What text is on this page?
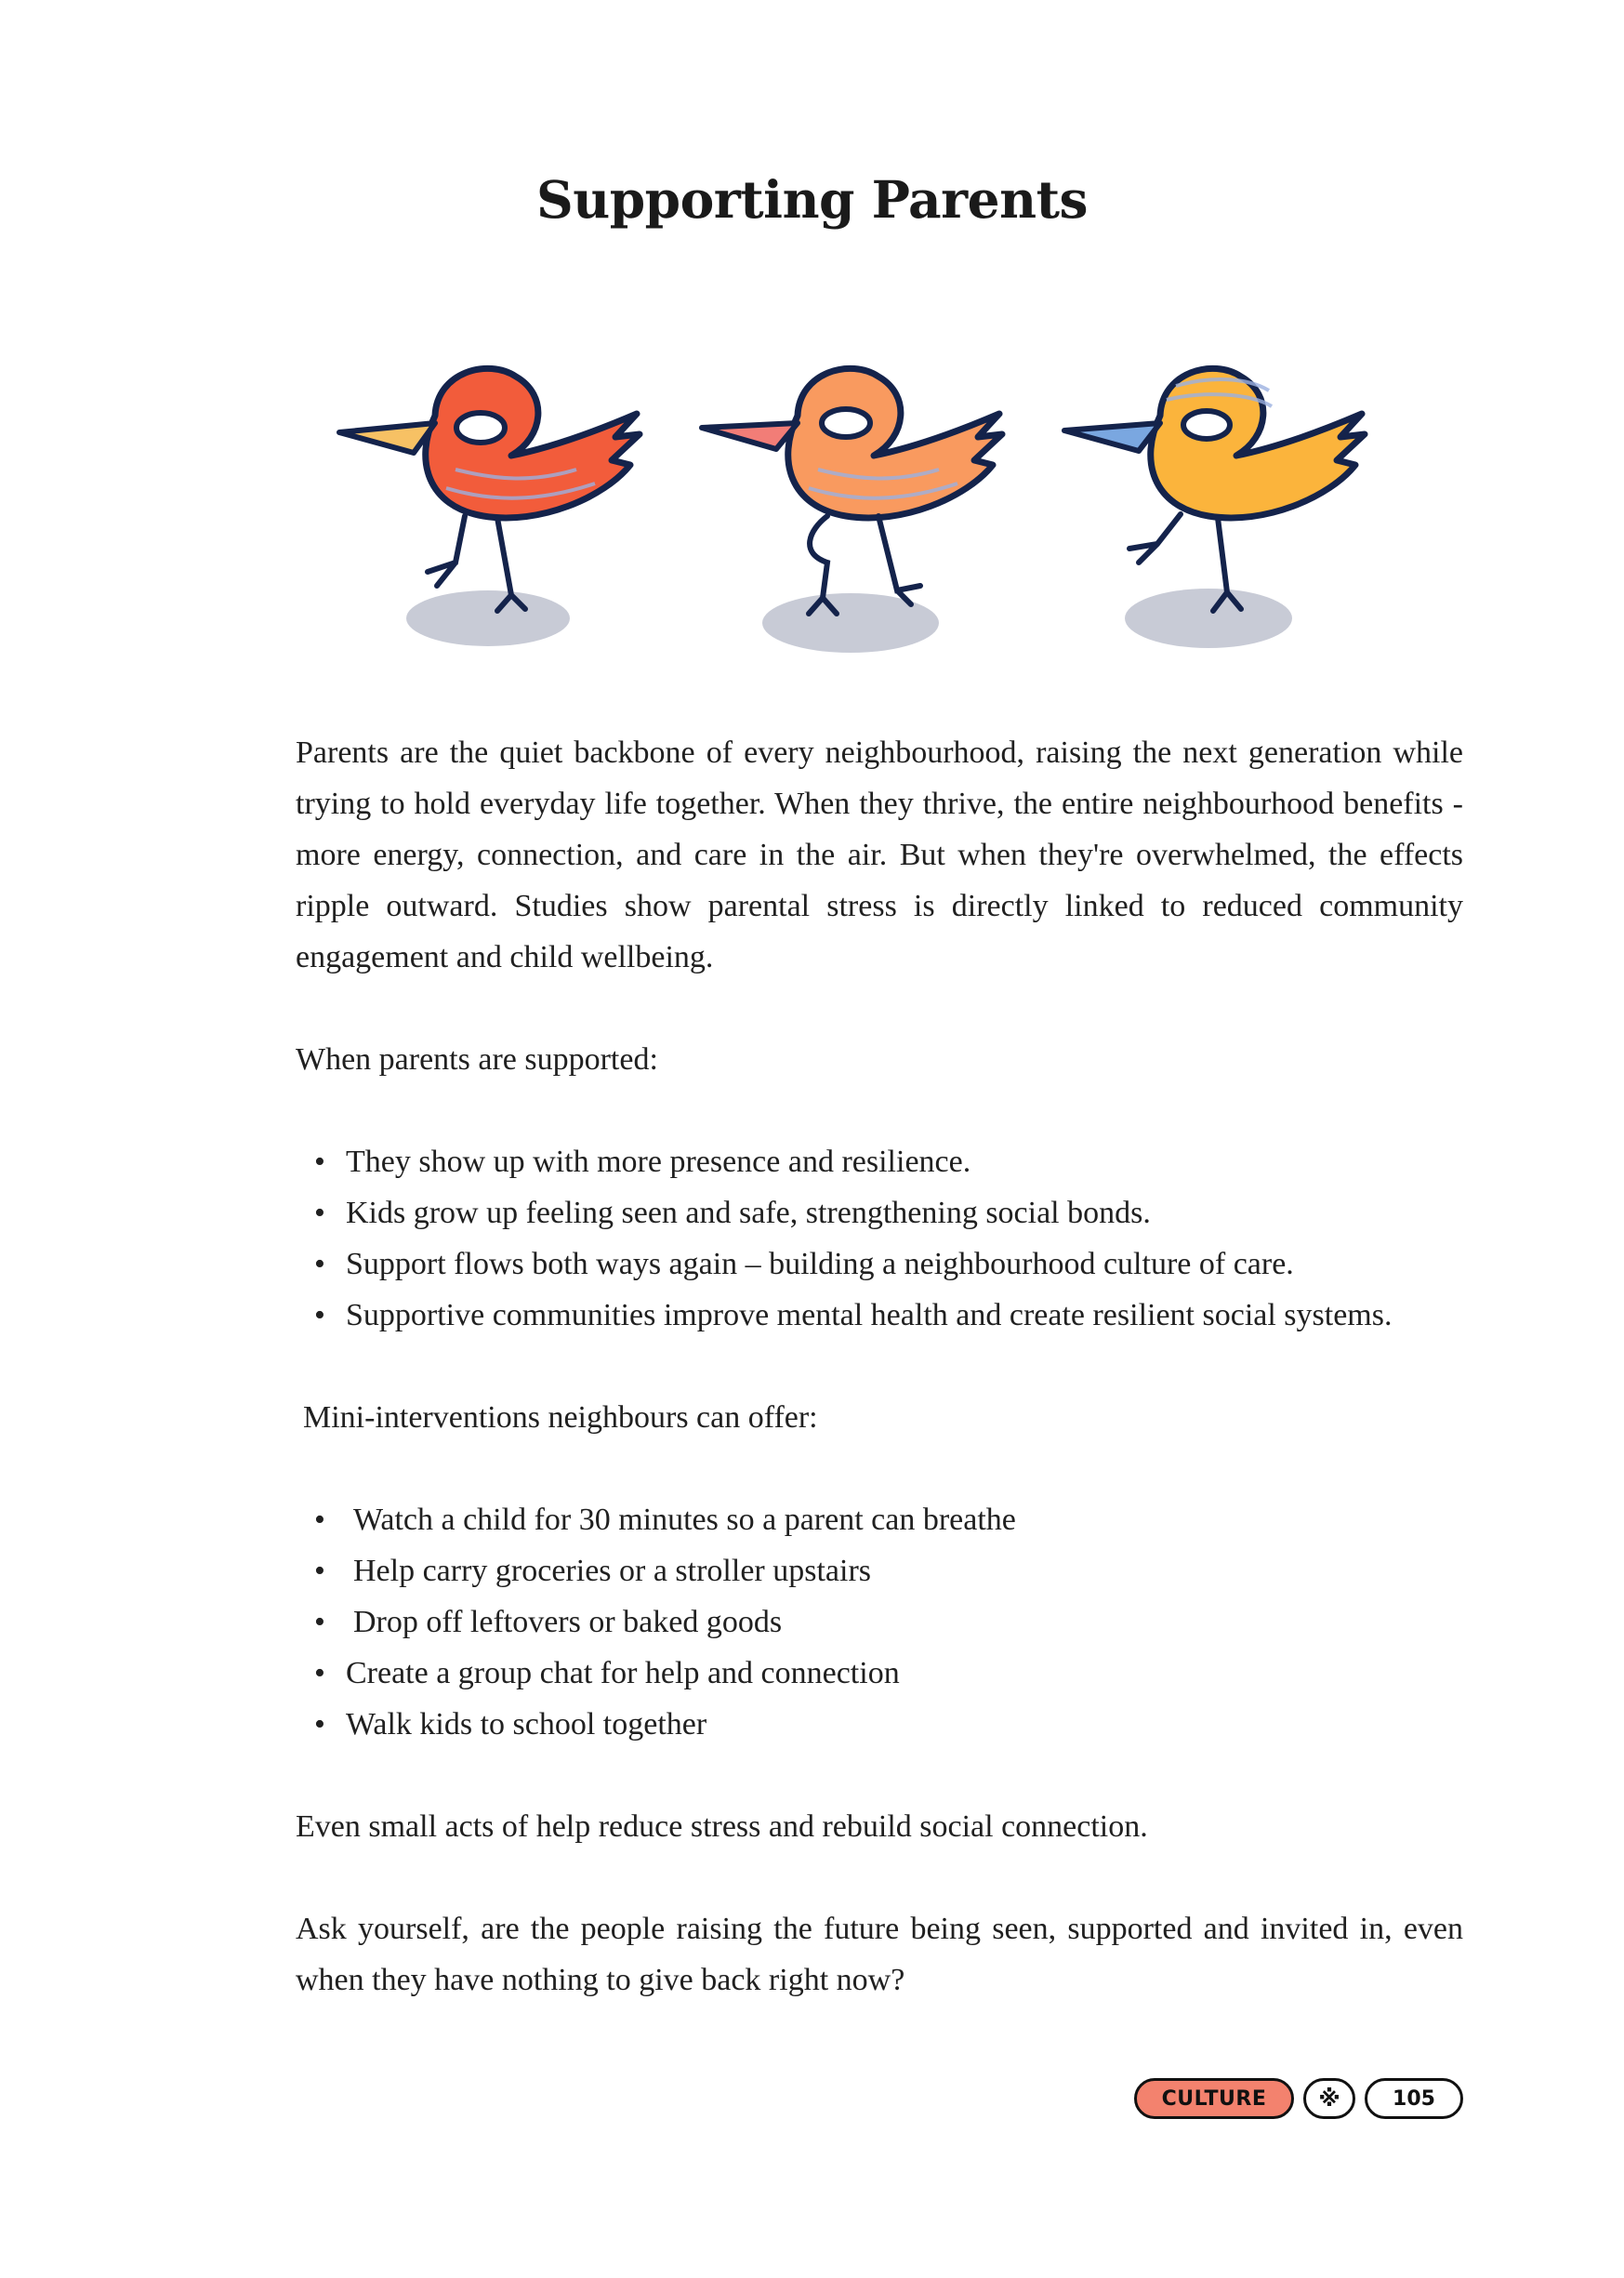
Supporting Parents

Parents are the quiet backbone of every neighbourhood, raising the next generation while trying to hold everyday life together. When they thrive, the entire neighbourhood benefits - more energy, connection, and care in the air. But when they're overwhelmed, the effects ripple outward. Studies show parental stress is directly linked to reduced community engagement and child wellbeing.

When parents are supported:

• They show up with more presence and resilience.
• Kids grow up feeling seen and safe, strengthening social bonds.
• Support flows both ways again – building a neighbourhood culture of care.
• Supportive communities improve mental health and create resilient social systems.

Mini-interventions neighbours can offer:

• Watch a child for 30 minutes so a parent can breathe
• Help carry groceries or a stroller upstairs
• Drop off leftovers or baked goods
• Create a group chat for help and connection
• Walk kids to school together

Even small acts of help reduce stress and rebuild social connection.

Ask yourself, are the people raising the future being seen, supported and invited in, even when they have nothing to give back right now?

CULTURE	※	105
